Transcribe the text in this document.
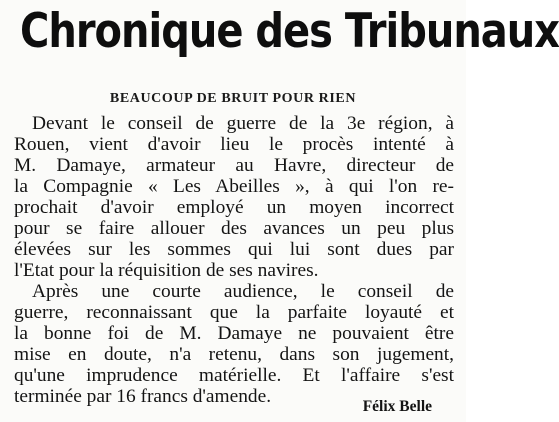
Chronique des Tribunaux
BEAUCOUP DE BRUIT POUR RIEN
Devant le conseil de guerre de la 3e région, à
Rouen, vient d'avoir lieu le procès intenté à
M. Damaye, armateur au Havre, directeur de
la Compagnie « Les Abeilles », à qui l'on re-
prochait d'avoir employé un moyen incorrect
pour se faire allouer des avances un peu plus
élevées sur les sommes qui lui sont dues par
l'Etat pour la réquisition de ses navires.
Après une courte audience, le conseil de
guerre, reconnaissant que la parfaite loyauté et
la bonne foi de M. Damaye ne pouvaient être
mise en doute, n'a retenu, dans son jugement,
qu'une imprudence matérielle. Et l'affaire s'est
terminée par 16 francs d'amende.	Félix Belle
